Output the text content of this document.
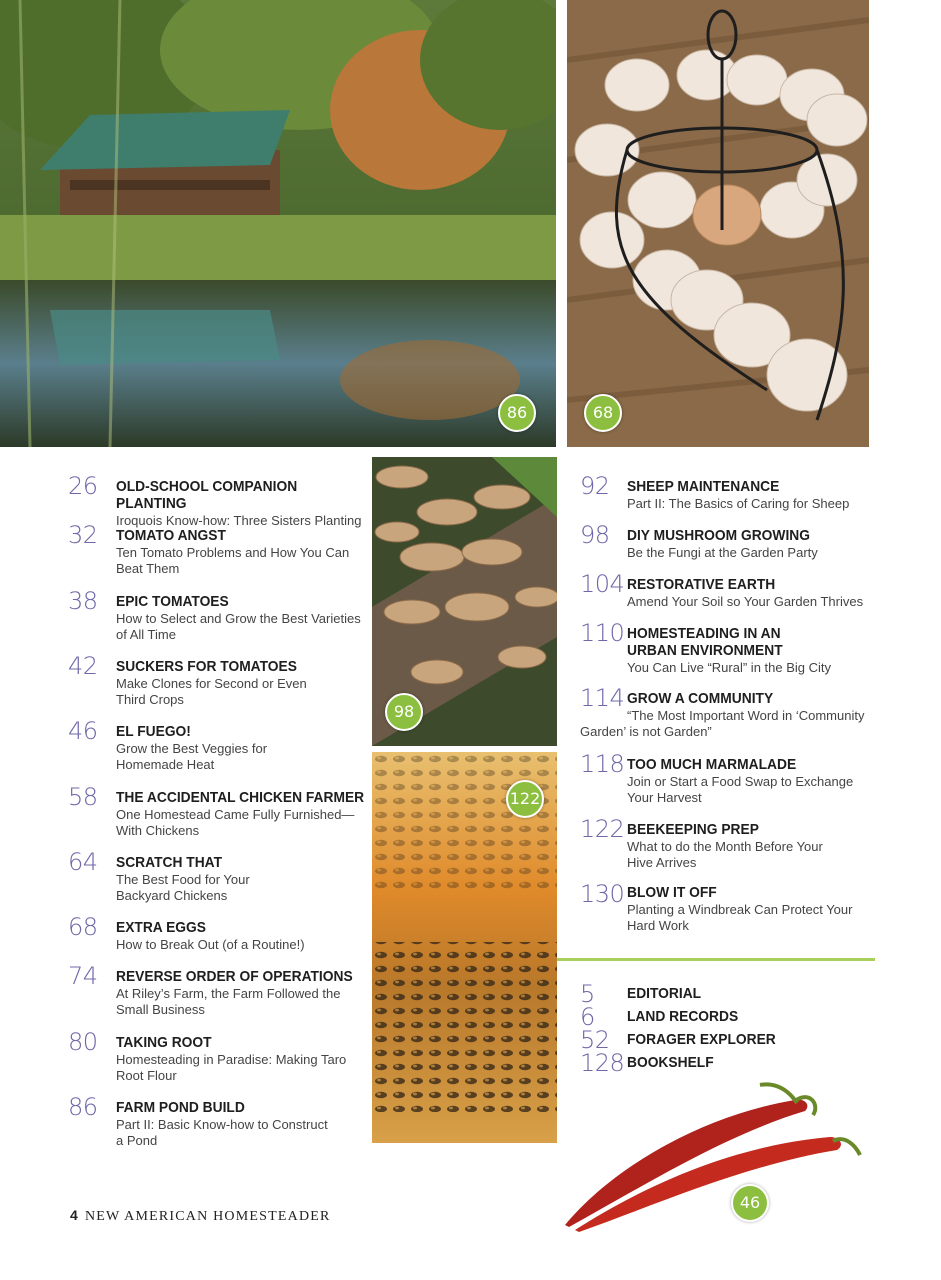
86	68
98
122
46
26 OLD-SCHOOL COMPANION PLANTING
Iroquois Know-how: Three Sisters Planting
32 TOMATO ANGST
Ten Tomato Problems and How You Can Beat Them
38 EPIC TOMATOES
How to Select and Grow the Best Varieties of All Time
42 SUCKERS FOR TOMATOES
Make Clones for Second or Even Third Crops
46 EL FUEGO!
Grow the Best Veggies for Homemade Heat
58 THE ACCIDENTAL CHICKEN FARMER
One Homestead Came Fully Furnished—With Chickens
64 SCRATCH THAT
The Best Food for Your Backyard Chickens
68 EXTRA EGGS
How to Break Out (of a Routine!)
74 REVERSE ORDER OF OPERATIONS
At Riley’s Farm, the Farm Followed the Small Business
80 TAKING ROOT
Homesteading in Paradise: Making Taro Root Flour
86 FARM POND BUILD
Part II: Basic Know-how to Construct a Pond
92 SHEEP MAINTENANCE
Part II: The Basics of Caring for Sheep
98 DIY MUSHROOM GROWING
Be the Fungi at the Garden Party
104 RESTORATIVE EARTH
Amend Your Soil so Your Garden Thrives
110 HOMESTEADING IN AN URBAN ENVIRONMENT
You Can Live “Rural” in the Big City
114 GROW A COMMUNITY
“The Most Important Word in ‘Community Garden’ is not Garden”
118 TOO MUCH MARMALADE
Join or Start a Food Swap to Exchange Your Harvest
122 BEEKEEPING PREP
What to do the Month Before Your Hive Arrives
130 BLOW IT OFF
Planting a Windbreak Can Protect Your Hard Work
5 EDITORIAL
6 LAND RECORDS
52 FORAGER EXPLORER
128 BOOKSHELF
4 NEW AMERICAN HOMESTEADER
